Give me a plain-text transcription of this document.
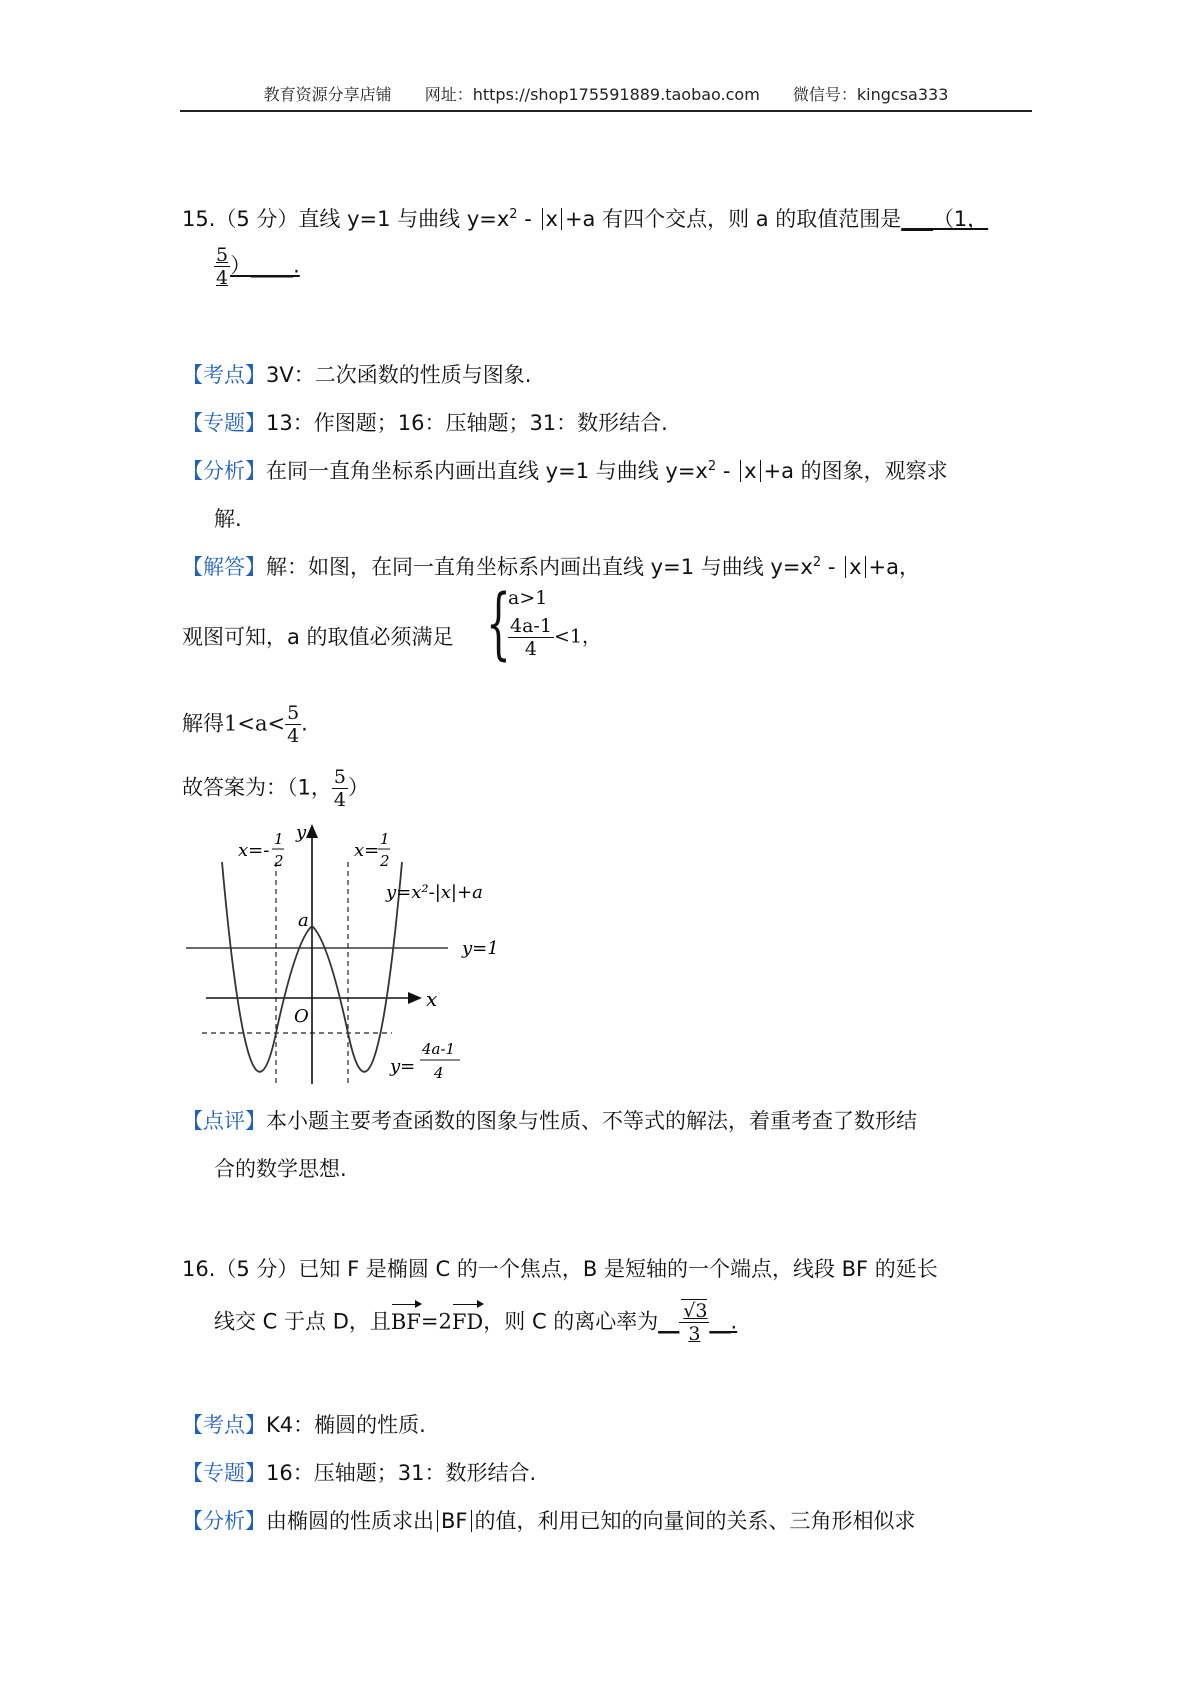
教育资源分享店铺 网址：https://shop175591889.taobao.com 微信号：kingcsa333
15.（5 分）直线 y=1 与曲线 $y=x^2 - x +a$ 有四个交点，则 a 的取值范围是___（1，
$\frac{5}{4}$ ）____.
【考点】3V：二次函数的性质与图象.
【专题】13：作图题；16：压轴题；31：数形结合.
【分析】在同一直角坐标系内画出直线 y=1 与曲线 $y=x^2 - x +a$ 的图象，观察求
解.
【解答】解：如图，在同一直角坐标系内画出直线 y=1 与曲线 $y=x^2 - x +a$，
观图可知，a 的取值必须满足 {
a>1
$\frac{4a-1}{4} <1$，
解得$1<a< \frac{5}{4}$ .
故答案为：（1， $\frac{5}{4}$ ）
x=-
1
2
y
x=
1
2
y=x²-|x|+a
a
y=1
x
O
y=
4a-1
4
【点评】本小题主要考查函数的图象与性质、不等式的解法，着重考查了数形结
合的数学思想.
16.（5 分）已知 F 是椭圆 C 的一个焦点，B 是短轴的一个端点，线段 BF 的延长
线交 C 于点 D，且BF=2FD，则 C 的离心率为__ $\frac{√3}{3}$ __.
【考点】K4：椭圆的性质.
【专题】16：压轴题；31：数形结合.
【分析】由椭圆的性质求出 BF 的值，利用已知的向量间的关系、三角形相似求
